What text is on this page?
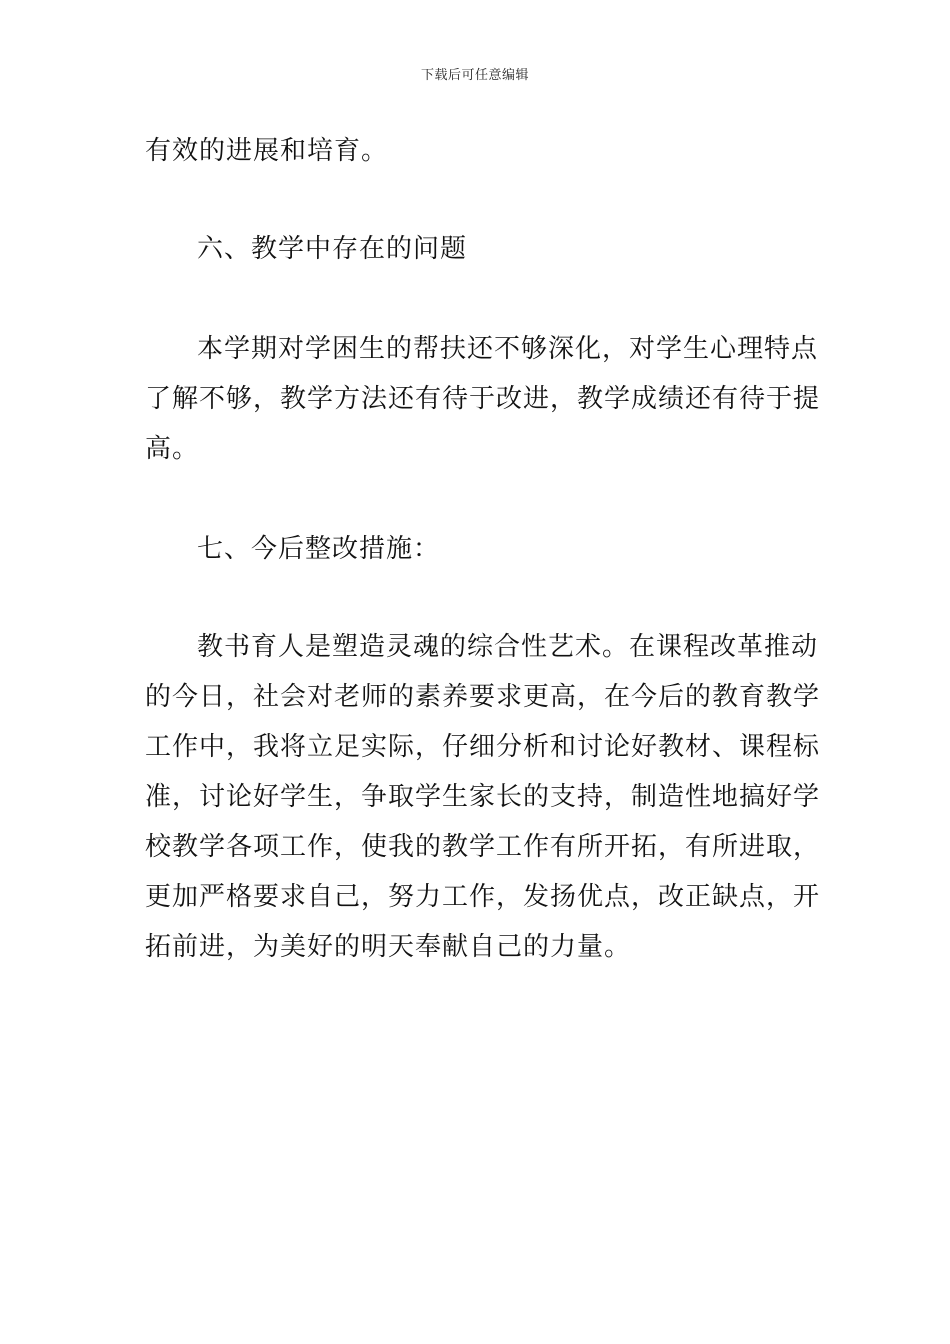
下载后可任意编辑
有效的进展和培育。
六、教学中存在的问题
本学期对学困生的帮扶还不够深化，对学生心理特点
了解不够，教学方法还有待于改进，教学成绩还有待于提
高。
七、今后整改措施：
教书育人是塑造灵魂的综合性艺术。在课程改革推动
的今日，社会对老师的素养要求更高，在今后的教育教学
工作中，我将立足实际，仔细分析和讨论好教材、课程标
准，讨论好学生，争取学生家长的支持，制造性地搞好学
校教学各项工作，使我的教学工作有所开拓，有所进取，
更加严格要求自己，努力工作，发扬优点，改正缺点，开
拓前进，为美好的明天奉献自己的力量。
